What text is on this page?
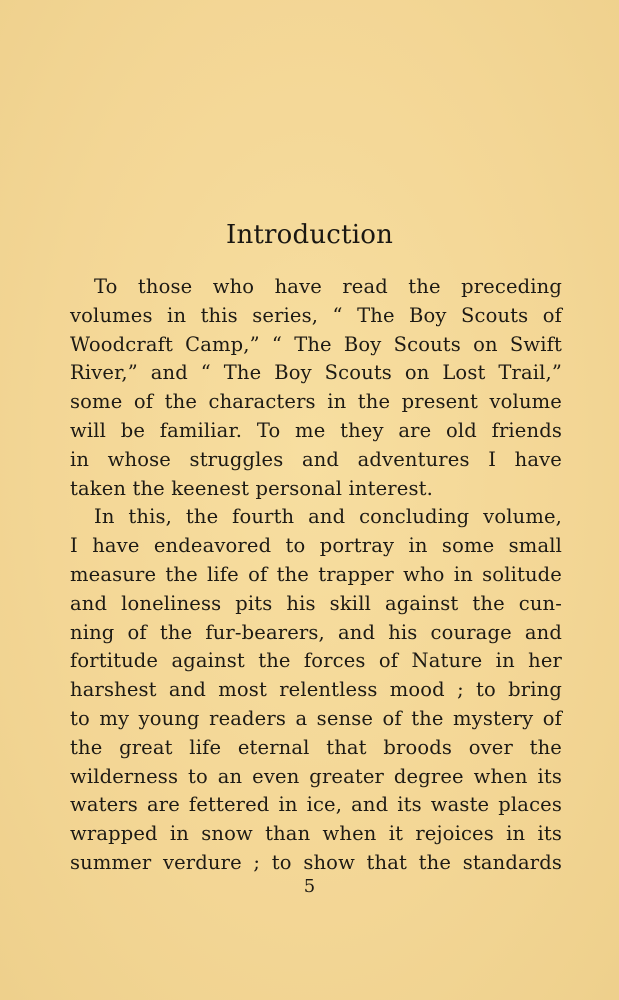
Introduction
To those who have read the preceding
volumes in this series, “ The Boy Scouts of
Woodcraft Camp,” “ The Boy Scouts on Swift
River,” and “ The Boy Scouts on Lost Trail,”
some of the characters in the present volume
will be familiar. To me they are old friends
in whose struggles and adventures I have
taken the keenest personal interest.
In this, the fourth and concluding volume,
I have endeavored to portray in some small
measure the life of the trapper who in solitude
and loneliness pits his skill against the cun-
ning of the fur-bearers, and his courage and
fortitude against the forces of Nature in her
harshest and most relentless mood ; to bring
to my young readers a sense of the mystery of
the great life eternal that broods over the
wilderness to an even greater degree when its
waters are fettered in ice, and its waste places
wrapped in snow than when it rejoices in its
summer verdure ; to show that the standards
5
